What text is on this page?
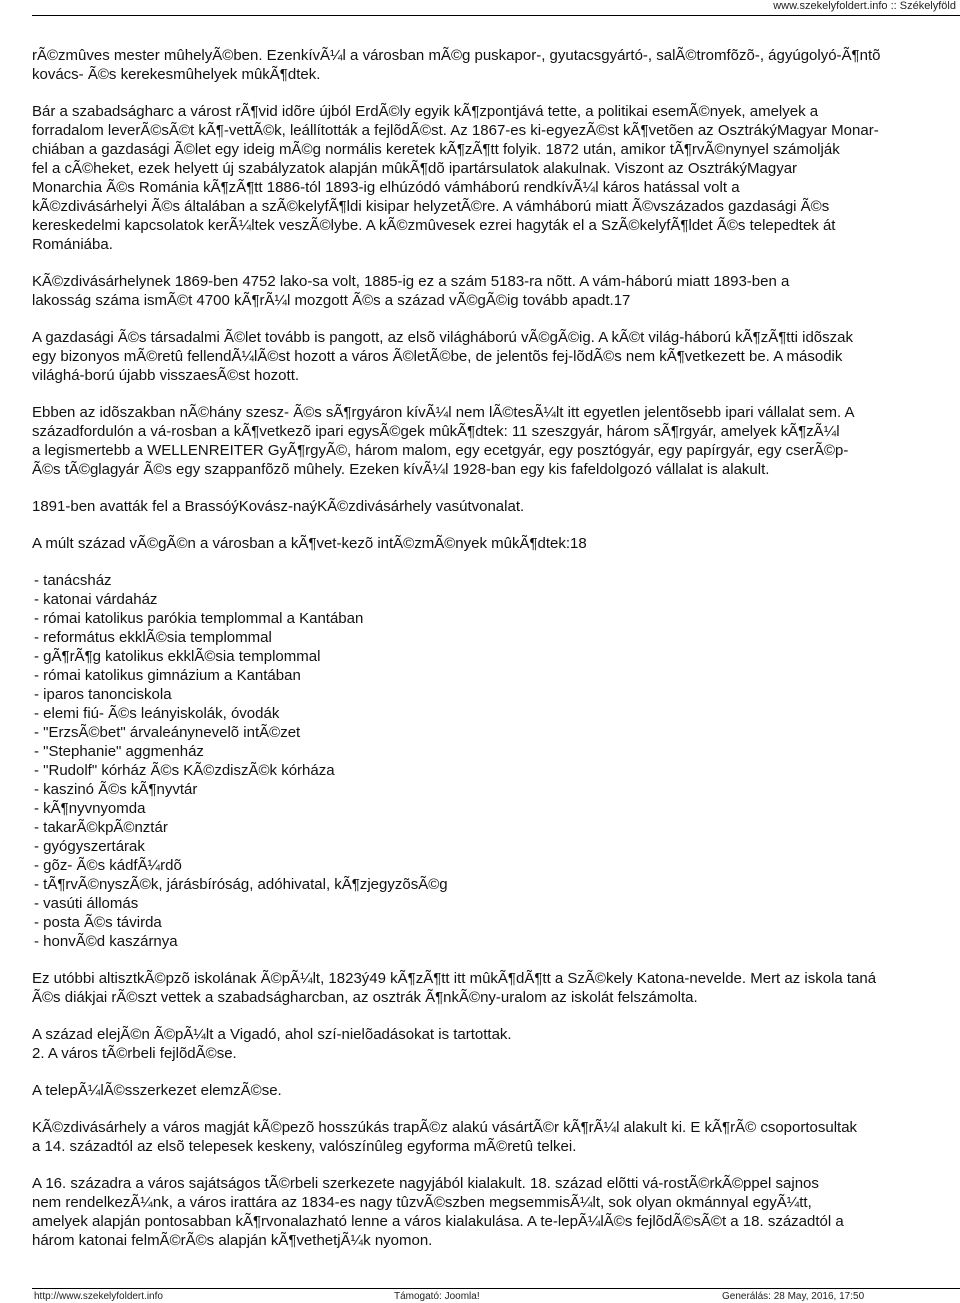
www.szekelyfoldert.info :: Székelyföld
rÃ©zmûves mester mûhelyÃ©ben. EzenkívÃ¼l a városban mÃ©g puskapor-, gyutacsgyártó-, salÃ©tromfõzõ-, ágyúgolyó-Ã¶ntõ
kovács- Ã©s kerekesmûhelyek mûkÃ¶dtek.
Bár a szabadságharc a várost rÃ¶vid idõre újból ErdÃ©ly egyik kÃ¶zpontjává tette, a politikai esemÃ©nyek, amelyek a
forradalom leverÃ©sÃ©t kÃ¶-vettÃ©k, leállították a fejlõdÃ©st. Az 1867-es ki-egyezÃ©st kÃ¶vetõen az OsztrákýMagyar Monar-
chiában a gazdasági Ã©let egy ideig mÃ©g normális keretek kÃ¶zÃ¶tt folyik. 1872 után, amikor tÃ¶rvÃ©nynyel számolják
fel a cÃ©heket, ezek helyett új szabályzatok alapján mûkÃ¶dõ ipartársulatok alakulnak. Viszont az OsztrákýMagyar
Monarchia Ã©s Románia kÃ¶zÃ¶tt 1886-tól 1893-ig elhúzódó vámháború rendkívÃ¼l káros hatással volt a
kÃ©zdivásárhelyi Ã©s általában a szÃ©kelyfÃ¶ldi kisipar helyzetÃ©re. A vámháború miatt Ã©vszázados gazdasági Ã©s
kereskedelmi kapcsolatok kerÃ¼ltek veszÃ©lybe. A kÃ©zmûvesek ezrei hagyták el a SzÃ©kelyfÃ¶ldet Ã©s telepedtek át
Romániába.
KÃ©zdivásárhelynek 1869-ben 4752 lako-sa volt, 1885-ig ez a szám 5183-ra nõtt. A vám-háború miatt 1893-ben a
lakosság száma ismÃ©t 4700 kÃ¶rÃ¼l mozgott Ã©s a század vÃ©gÃ©ig tovább apadt.17
A gazdasági Ã©s társadalmi Ã©let tovább is pangott, az elsõ világháború vÃ©gÃ©ig. A kÃ©t világ-háború kÃ¶zÃ¶tti idõszak
egy bizonyos mÃ©retû fellendÃ¼lÃ©st hozott a város Ã©letÃ©be, de jelentõs fej-lõdÃ©s nem kÃ¶vetkezett be. A második
világhá-ború újabb visszaesÃ©st hozott.
Ebben az idõszakban nÃ©hány szesz- Ã©s sÃ¶rgyáron kívÃ¼l nem lÃ©tesÃ¼lt itt egyetlen jelentõsebb ipari vállalat sem. A
századfordulón a vá-rosban a kÃ¶vetkezõ ipari egysÃ©gek mûkÃ¶dtek: 11 szeszgyár, három sÃ¶rgyár, amelyek kÃ¶zÃ¼l
a legismertebb a WELLENREITER GyÃ¶rgyÃ©, három malom, egy ecetgyár, egy posztógyár, egy papírgyár, egy cserÃ©p-
Ã©s tÃ©glagyár Ã©s egy szappanfõzõ mûhely. Ezeken kívÃ¼l 1928-ban egy kis fafeldolgozó vállalat is alakult.
1891-ben avatták fel a BrassóýKovász-naýKÃ©zdivásárhely vasútvonalat.
A múlt század vÃ©gÃ©n a városban a kÃ¶vet-kezõ intÃ©zmÃ©nyek mûkÃ¶dtek:18
- tanácsház
- katonai várdaház
- római katolikus parókia templommal a Kantában
- református ekklÃ©sia templommal
- gÃ¶rÃ¶g katolikus ekklÃ©sia templommal
- római katolikus gimnázium a Kantában
- iparos tanonciskola
- elemi fiú- Ã©s leányiskolák, óvodák
- "ErzsÃ©bet" árvaleánynevelõ intÃ©zet
- "Stephanie" aggmenház
- "Rudolf" kórház Ã©s KÃ©zdiszÃ©k kórháza
- kaszinó Ã©s kÃ¶nyvtár
- kÃ¶nyvnyomda
- takarÃ©kpÃ©nztár
- gyógyszertárak
- gõz- Ã©s kádfÃ¼rdõ
- tÃ¶rvÃ©nyszÃ©k, járásbíróság, adóhivatal, kÃ¶zjegyzõsÃ©g
- vasúti állomás
- posta Ã©s távirda
- honvÃ©d kaszárnya
Ez utóbbi altisztkÃ©pzõ iskolának Ã©pÃ¼lt, 1823ý49 kÃ¶zÃ¶tt itt mûkÃ¶dÃ¶tt a SzÃ©kely Katona-nevelde. Mert az iskola taná
Ã©s diákjai rÃ©szt vettek a szabadságharcban, az osztrák Ã¶nkÃ©ny-uralom az iskolát felszámolta.
A század elejÃ©n Ã©pÃ¼lt a Vigadó, ahol szí-nielõadásokat is tartottak.
2. A város tÃ©rbeli fejlõdÃ©se.
A telepÃ¼lÃ©sszerkezet elemzÃ©se.
KÃ©zdivásárhely a város magját kÃ©pezõ hosszúkás trapÃ©z alakú vásártÃ©r kÃ¶rÃ¼l alakult ki. E kÃ¶rÃ© csoportosultak
a 14. századtól az elsõ telepesek keskeny, valószínûleg egyforma mÃ©retû telkei.
A 16. századra a város sajátságos tÃ©rbeli szerkezete nagyjából kialakult. 18. század elõtti vá-rostÃ©rkÃ©ppel sajnos
nem rendelkezÃ¼nk, a város irattára az 1834-es nagy tûzvÃ©szben megsemmisÃ¼lt, sok olyan okmánnyal egyÃ¼tt,
amelyek alapján pontosabban kÃ¶rvonalazható lenne a város kialakulása. A te-lepÃ¼lÃ©s fejlõdÃ©sÃ©t a 18. századtól a
három katonai felmÃ©rÃ©s alapján kÃ¶vethetjÃ¼k nyomon.
http://www.szekelyfoldert.info	Támogató: Joomla!	Generálás: 28 May, 2016, 17:50
